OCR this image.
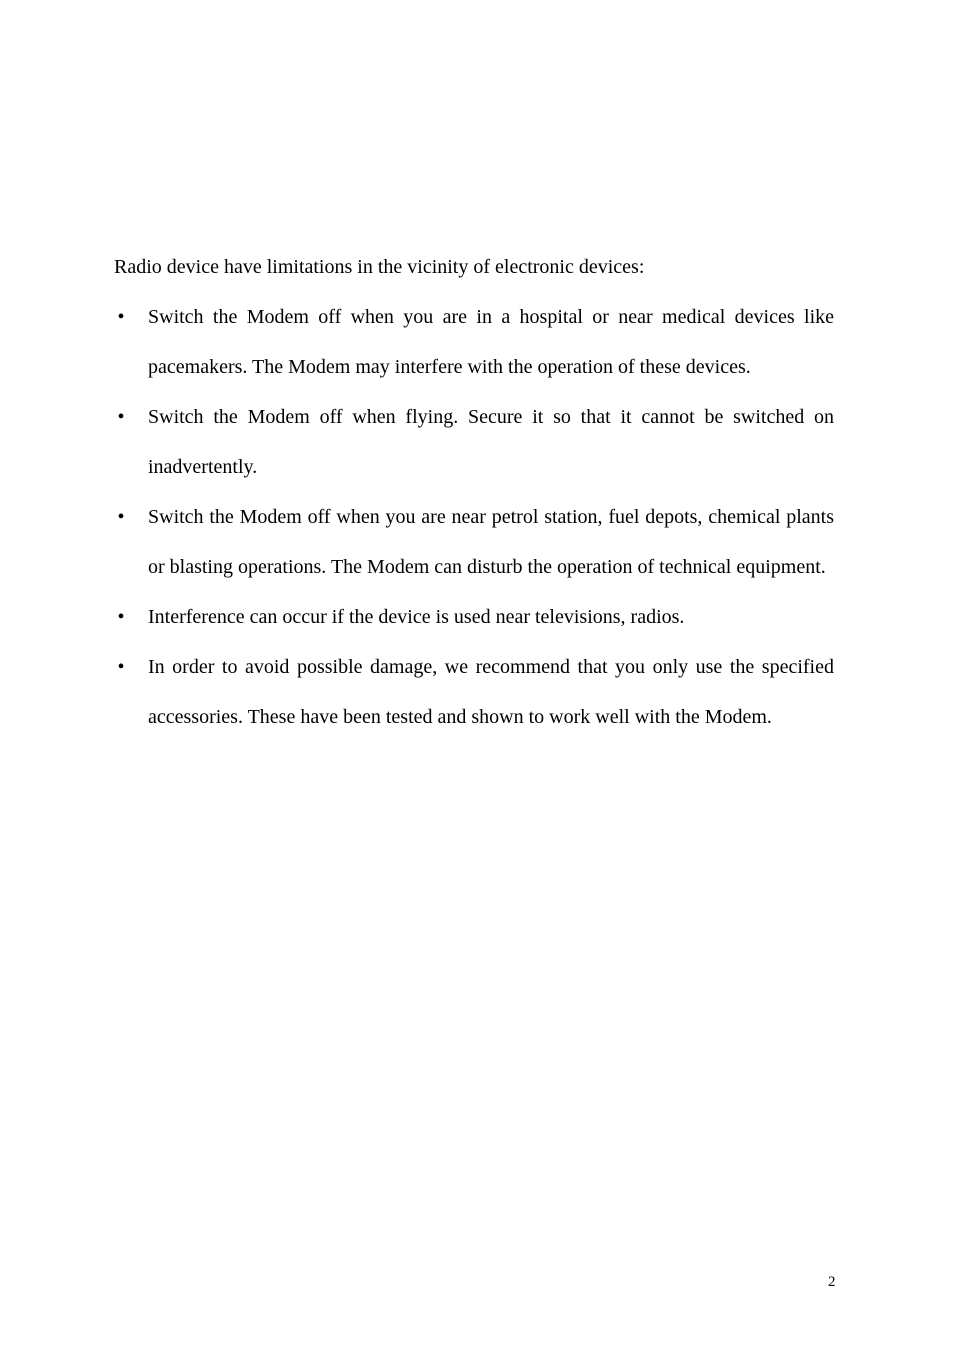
Radio device have limitations in the vicinity of electronic devices:

• Switch the Modem off when you are in a hospital or near medical devices like pacemakers. The Modem may interfere with the operation of these devices.
• Switch the Modem off when flying. Secure it so that it cannot be switched on inadvertently.
• Switch the Modem off when you are near petrol station, fuel depots, chemical plants or blasting operations. The Modem can disturb the operation of technical equipment.
• Interference can occur if the device is used near televisions, radios.
• In order to avoid possible damage, we recommend that you only use the specified accessories. These have been tested and shown to work well with the Modem.
2
